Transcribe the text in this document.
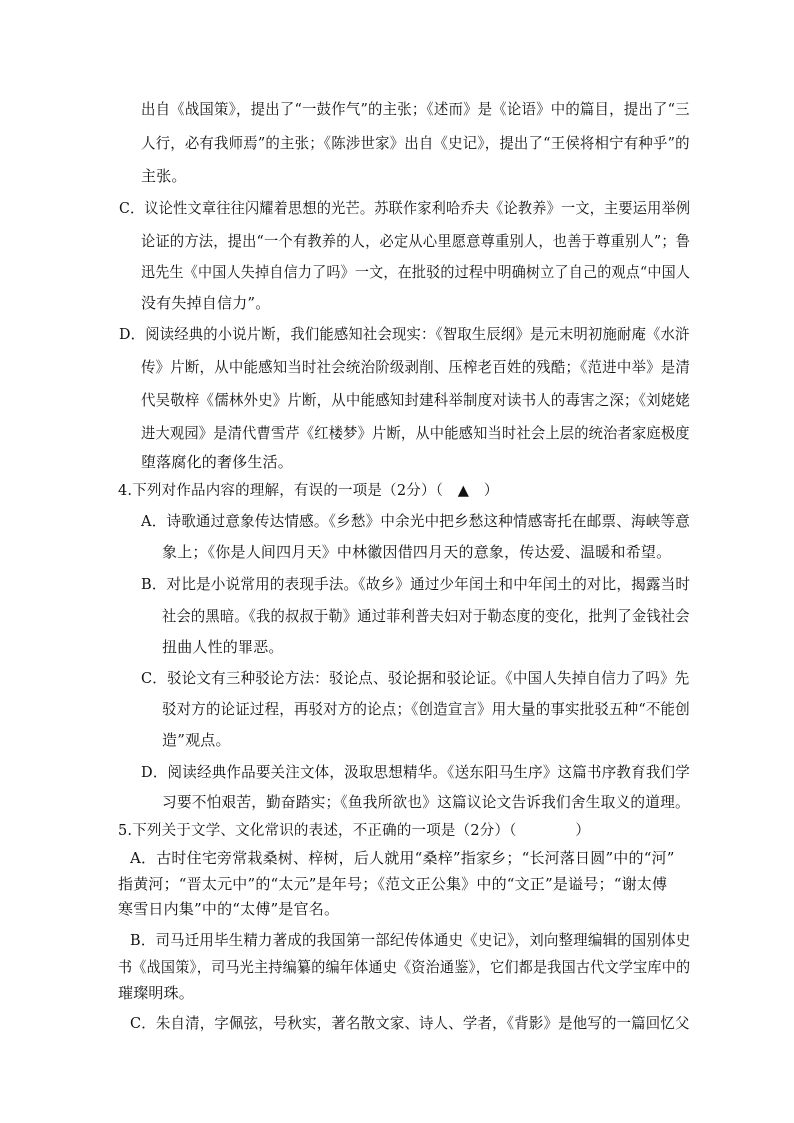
出自《战国策》，提出了“一鼓作气”的主张；《述而》是《论语》中的篇目，提出了“三
人行，必有我师焉”的主张；《陈涉世家》出自《史记》，提出了“王侯将相宁有种乎”的
主张。
C．议论性文章往往闪耀着思想的光芒。苏联作家利哈乔夫《论教养》一文，主要运用举例
论证的方法，提出“一个有教养的人，必定从心里愿意尊重别人，也善于尊重别人”；鲁
迅先生《中国人失掉自信力了吗》一文，在批驳的过程中明确树立了自己的观点“中国人
没有失掉自信力”。
D．阅读经典的小说片断，我们能感知社会现实：《智取生辰纲》是元末明初施耐庵《水浒
传》片断，从中能感知当时社会统治阶级剥削、压榨老百姓的残酷；《范进中举》是清
代吴敬梓《儒林外史》片断，从中能感知封建科举制度对读书人的毒害之深；《刘姥姥
进大观园》是清代曹雪芹《红楼梦》片断，从中能感知当时社会上层的统治者家庭极度
堕落腐化的奢侈生活。
4.下列对作品内容的理解，有误的一项是（2分）（　▲　）
A．诗歌通过意象传达情感。《乡愁》中余光中把乡愁这种情感寄托在邮票、海峡等意
象上；《你是人间四月天》中林徽因借四月天的意象，传达爱、温暖和希望。
B．对比是小说常用的表现手法。《故乡》通过少年闰土和中年闰土的对比，揭露当时
社会的黑暗。《我的叔叔于勒》通过菲利普夫妇对于勒态度的变化，批判了金钱社会
扭曲人性的罪恶。
C．驳论文有三种驳论方法：驳论点、驳论据和驳论证。《中国人失掉自信力了吗》先
驳对方的论证过程，再驳对方的论点；《创造宣言》用大量的事实批驳五种“不能创
造”观点。
D．阅读经典作品要关注文体，汲取思想精华。《送东阳马生序》这篇书序教育我们学
习要不怕艰苦，勤奋踏实；《鱼我所欲也》这篇议论文告诉我们舍生取义的道理。
5.下列关于文学、文化常识的表述，不正确的一项是（2分）（　　　　）
A．古时住宅旁常栽桑树、梓树，后人就用“桑梓”指家乡；“长河落日圆”中的“河”
指黄河；“晋太元中”的“太元”是年号；《范文正公集》中的“文正”是谥号；“谢太傅
寒雪日内集”中的“太傅”是官名。
B．司马迁用毕生精力著成的我国第一部纪传体通史《史记》，刘向整理编辑的国别体史
书《战国策》，司马光主持编纂的编年体通史《资治通鉴》，它们都是我国古代文学宝库中的
璀璨明珠。
C．朱自清，字佩弦，号秋实，著名散文家、诗人、学者，《背影》是他写的一篇回忆父
